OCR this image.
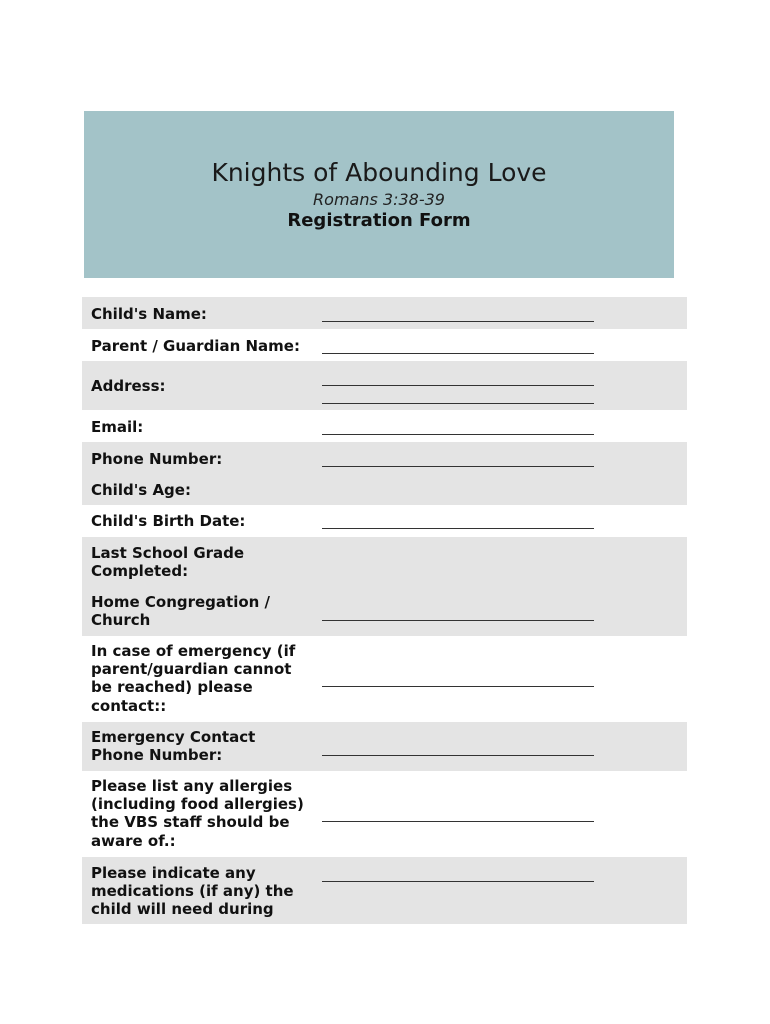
Knights of Abounding Love
Romans 3:38-39
Registration Form
Child's Name:
Parent / Guardian Name:
Address:
Email:
Phone Number:
Child's Age:
Child's Birth Date:
Last School Grade Completed:
Home Congregation / Church
In case of emergency (if parent/guardian cannot be reached) please contact::
Emergency Contact Phone Number:
Please list any allergies (including food allergies) the VBS staff should be aware of.:
Please indicate any medications (if any) the child will need during
